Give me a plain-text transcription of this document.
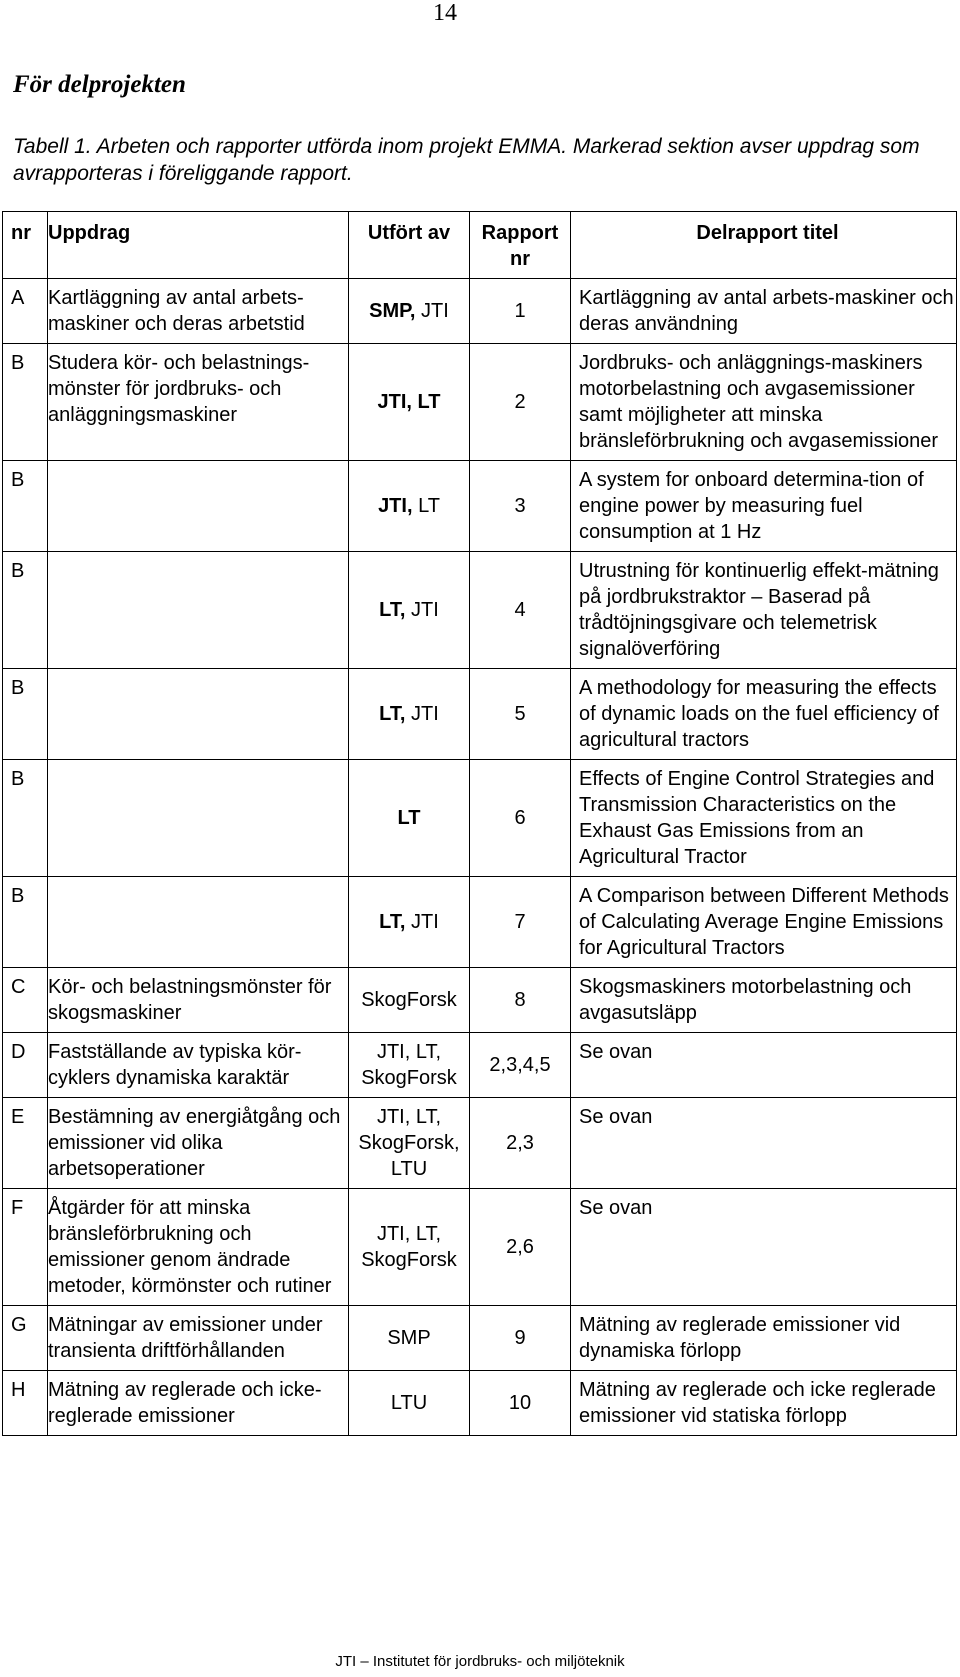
14
För delprojekten
Tabell 1. Arbeten och rapporter utförda inom projekt EMMA. Markerad sektion avser uppdrag som avrapporteras i föreliggande rapport.
nr	Uppdrag	Utfört av	Rapport nr	Delrapport titel
A	Kartläggning av antal arbets-maskiner och deras arbetstid	SMP, JTI	1	Kartläggning av antal arbets-maskiner och deras användning
B	Studera kör- och belastnings-mönster för jordbruks- och anläggningsmaskiner	JTI, LT	2	Jordbruks- och anläggnings-maskiners motorbelastning och avgasemissioner samt möjligheter att minska bränsleförbrukning och avgasemissioner
B		JTI, LT	3	A system for onboard determina-tion of engine power by measuring fuel consumption at 1 Hz
B		LT, JTI	4	Utrustning för kontinuerlig effekt-mätning på jordbrukstraktor – Baserad på trådtöjningsgivare och telemetrisk signalöverföring
B		LT, JTI	5	A methodology for measuring the effects of dynamic loads on the fuel efficiency of agricultural tractors
B		LT	6	Effects of Engine Control Strategies and Transmission Characteristics on the Exhaust Gas Emissions from an Agricultural Tractor
B		LT, JTI	7	A Comparison between Different Methods of Calculating Average Engine Emissions for Agricultural Tractors
C	Kör- och belastningsmönster för skogsmaskiner	SkogForsk	8	Skogsmaskiners motorbelastning och avgasutsläpp
D	Fastställande av typiska kör-cyklers dynamiska karaktär	JTI, LT, SkogForsk	2,3,4,5	Se ovan
E	Bestämning av energiåtgång och emissioner vid olika arbetsoperationer	JTI, LT, SkogForsk, LTU	2,3	Se ovan
F	Åtgärder för att minska bränsleförbrukning och emissioner genom ändrade metoder, körmönster och rutiner	JTI, LT, SkogForsk	2,6	Se ovan
G	Mätningar av emissioner under transienta driftförhållanden	SMP	9	Mätning av reglerade emissioner vid dynamiska förlopp
H	Mätning av reglerade och icke-reglerade emissioner	LTU	10	Mätning av reglerade och icke reglerade emissioner vid statiska förlopp
JTI – Institutet för jordbruks- och miljöteknik
